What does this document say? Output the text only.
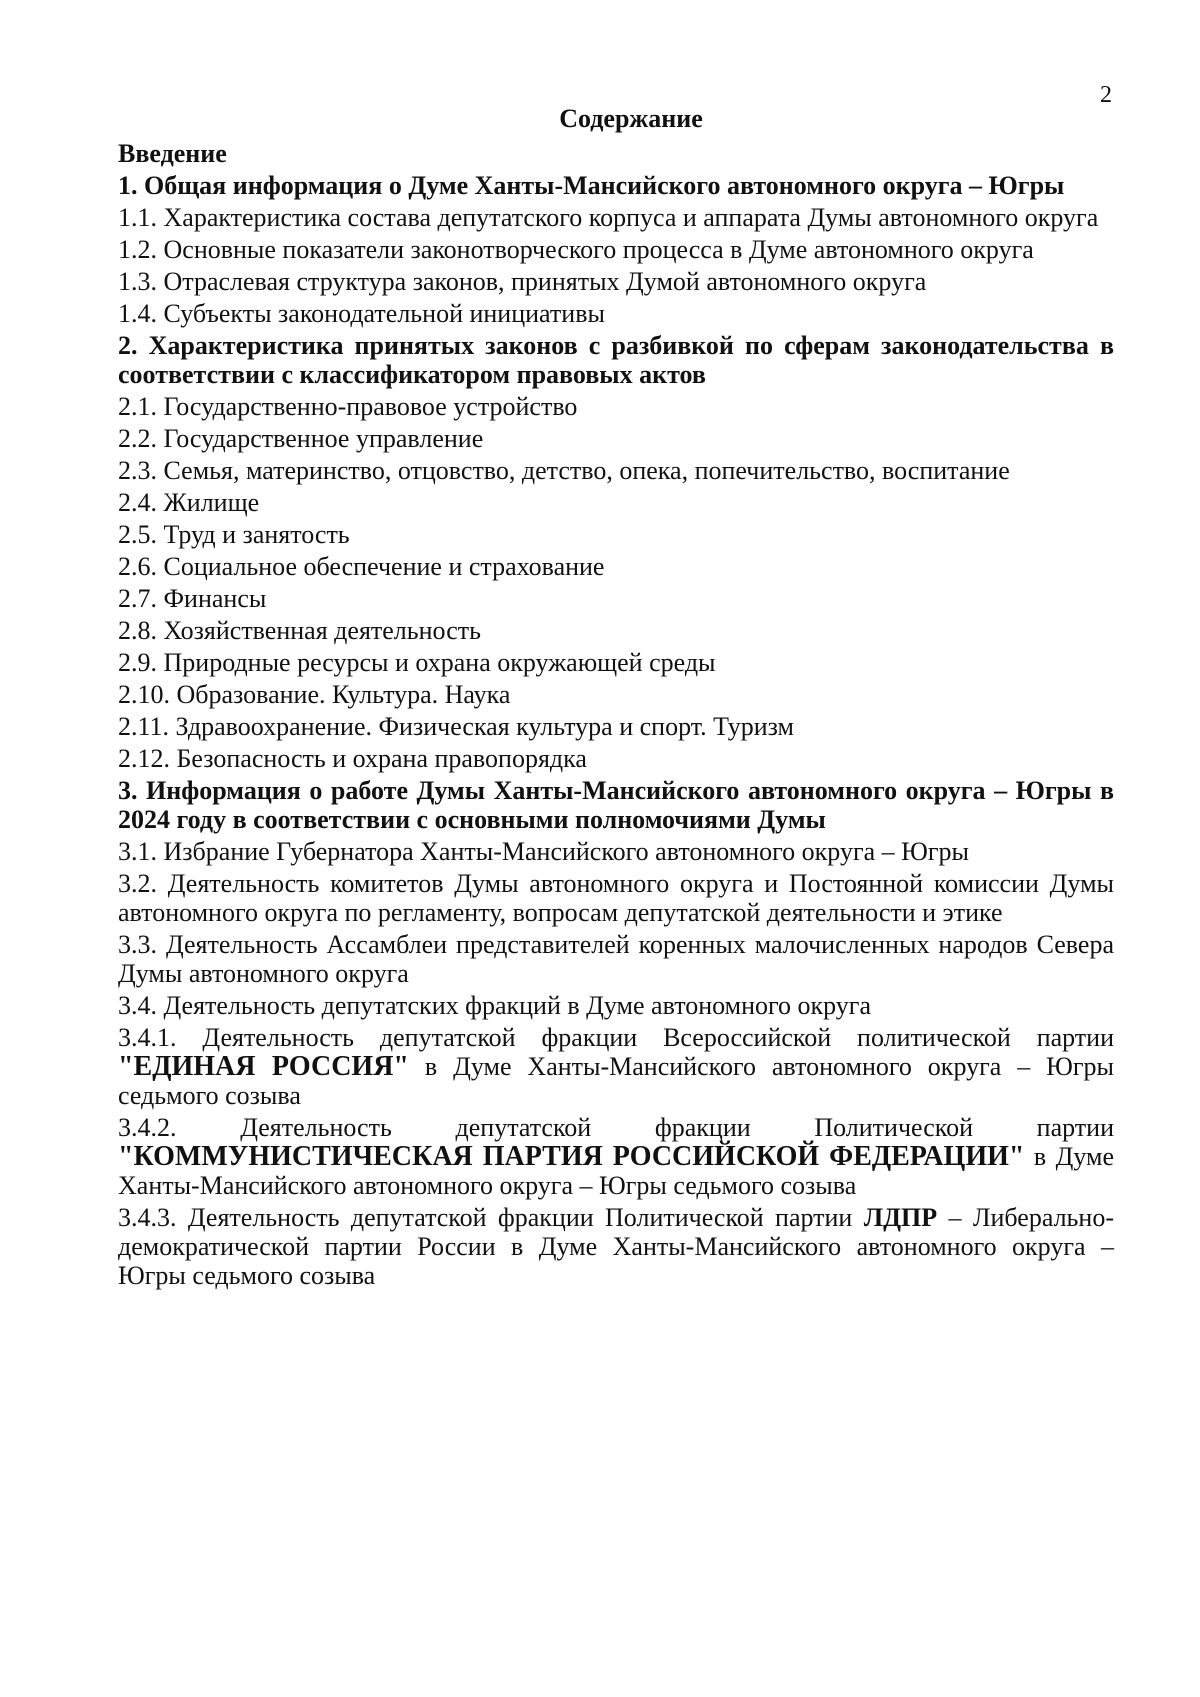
2
Содержание
Введение
1. Общая информация о Думе Ханты-Мансийского автономного округа – Югры
1.1. Характеристика состава депутатского корпуса и аппарата Думы автономного округа
1.2. Основные показатели законотворческого процесса в Думе автономного округа
1.3. Отраслевая структура законов, принятых Думой автономного округа
1.4. Субъекты законодательной инициативы
2. Характеристика принятых законов с разбивкой по сферам законодательства в соответствии с классификатором правовых актов
2.1. Государственно-правовое устройство
2.2. Государственное управление
2.3. Семья, материнство, отцовство, детство, опека, попечительство, воспитание
2.4. Жилище
2.5. Труд и занятость
2.6. Социальное обеспечение и страхование
2.7. Финансы
2.8. Хозяйственная деятельность
2.9. Природные ресурсы и охрана окружающей среды
2.10. Образование. Культура. Наука
2.11. Здравоохранение. Физическая культура и спорт. Туризм
2.12. Безопасность и охрана правопорядка
3. Информация о работе Думы Ханты-Мансийского автономного округа – Югры в 2024 году в соответствии с основными полномочиями Думы
3.1. Избрание Губернатора Ханты-Мансийского автономного округа – Югры
3.2. Деятельность комитетов Думы автономного округа и Постоянной комиссии Думы автономного округа по регламенту, вопросам депутатской деятельности и этике
3.3. Деятельность Ассамблеи представителей коренных малочисленных народов Севера Думы автономного округа
3.4. Деятельность депутатских фракций в Думе автономного округа
3.4.1. Деятельность депутатской фракции Всероссийской политической партии "ЕДИНАЯ РОССИЯ" в Думе Ханты-Мансийского автономного округа – Югры седьмого созыва
3.4.2. Деятельность депутатской фракции Политической партии "КОММУНИСТИЧЕСКАЯ ПАРТИЯ РОССИЙСКОЙ ФЕДЕРАЦИИ" в Думе Ханты-Мансийского автономного округа – Югры седьмого созыва
3.4.3. Деятельность депутатской фракции Политической партии ЛДПР – Либерально-демократической партии России в Думе Ханты-Мансийского автономного округа – Югры седьмого созыва
